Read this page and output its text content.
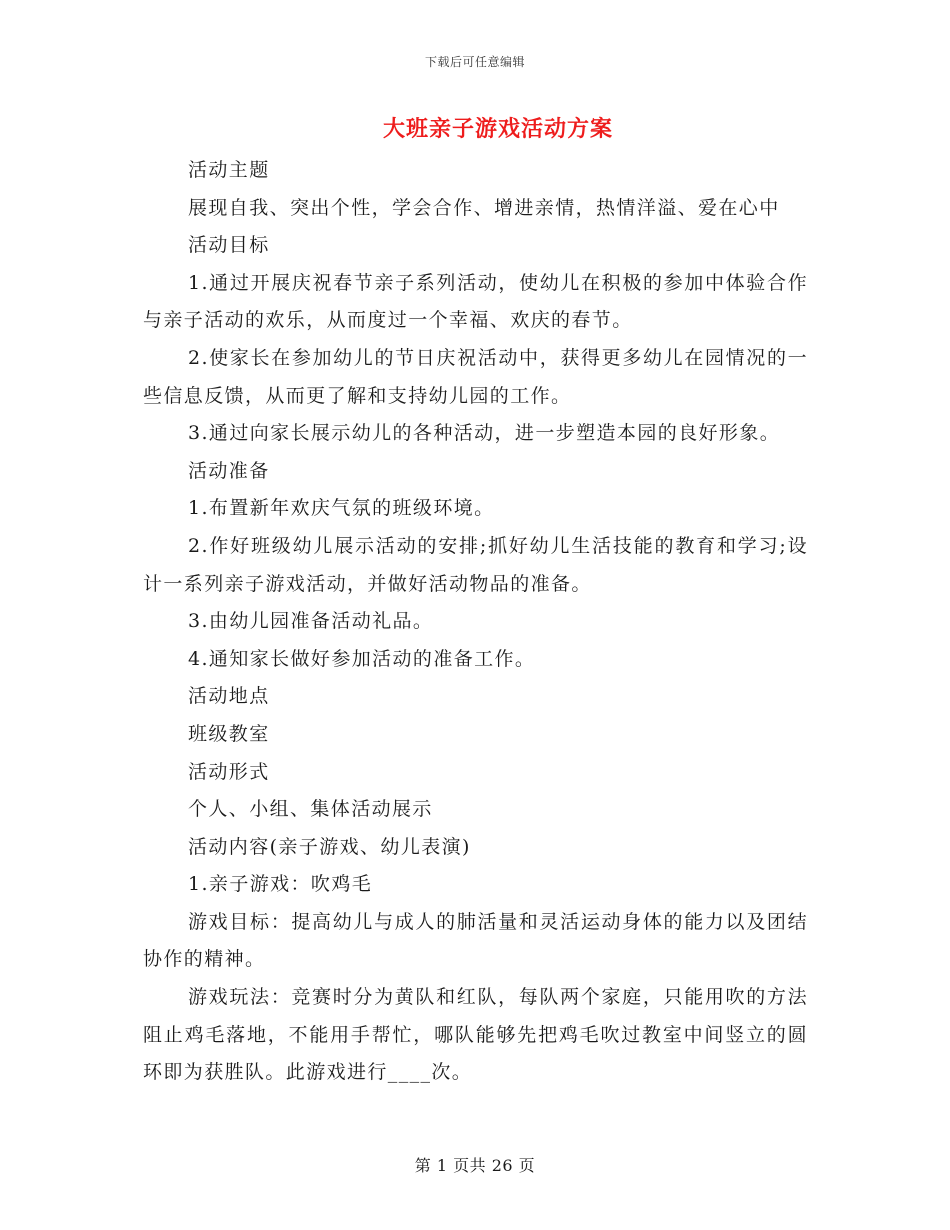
下载后可任意编辑
大班亲子游戏活动方案

活动主题

展现自我、突出个性，学会合作、增进亲情，热情洋溢、爱在心中

活动目标

1.通过开展庆祝春节亲子系列活动，使幼儿在积极的参加中体验合作与亲子活动的欢乐，从而度过一个幸福、欢庆的春节。

2.使家长在参加幼儿的节日庆祝活动中，获得更多幼儿在园情况的一些信息反馈，从而更了解和支持幼儿园的工作。

3.通过向家长展示幼儿的各种活动，进一步塑造本园的良好形象。

活动准备

1.布置新年欢庆气氛的班级环境。

2.作好班级幼儿展示活动的安排;抓好幼儿生活技能的教育和学习;设计一系列亲子游戏活动，并做好活动物品的准备。

3.由幼儿园准备活动礼品。

4.通知家长做好参加活动的准备工作。

活动地点

班级教室

活动形式

个人、小组、集体活动展示

活动内容(亲子游戏、幼儿表演)

1.亲子游戏：吹鸡毛

游戏目标：提高幼儿与成人的肺活量和灵活运动身体的能力以及团结协作的精神。

游戏玩法：竞赛时分为黄队和红队，每队两个家庭，只能用吹的方法阻止鸡毛落地，不能用手帮忙，哪队能够先把鸡毛吹过教室中间竖立的圆环即为获胜队。此游戏进行____次。

第 1 页共 26 页
